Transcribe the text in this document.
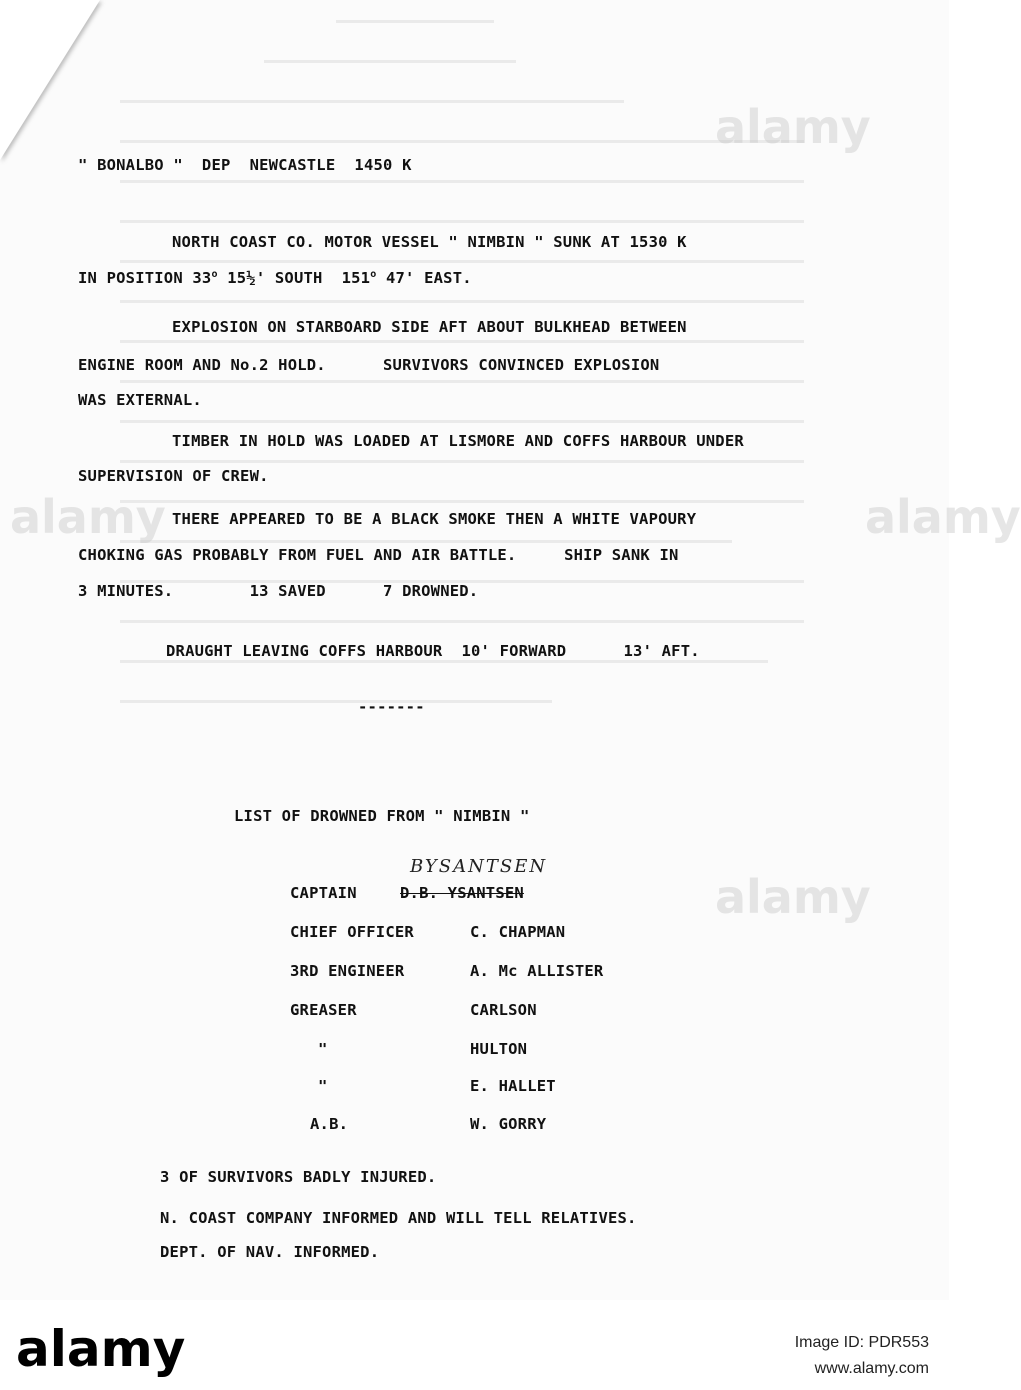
alamy
alamy	alamy
alamy
" BONALBO "  DEP  NEWCASTLE  1450 K
NORTH COAST CO. MOTOR VESSEL " NIMBIN " SUNK AT 1530 K
IN POSITION 33$^o$ 15½' SOUTH  151$^o$ 47' EAST.
EXPLOSION ON STARBOARD SIDE AFT ABOUT BULKHEAD BETWEEN
ENGINE ROOM AND No.2 HOLD.      SURVIVORS CONVINCED EXPLOSION
WAS EXTERNAL.
TIMBER IN HOLD WAS LOADED AT LISMORE AND COFFS HARBOUR UNDER
SUPERVISION OF CREW.
THERE APPEARED TO BE A BLACK SMOKE THEN A WHITE VAPOURY
CHOKING GAS PROBABLY FROM FUEL AND AIR BATTLE.     SHIP SANK IN
3 MINUTES.        13 SAVED      7 DROWNED.
DRAUGHT LEAVING COFFS HARBOUR  10' FORWARD      13' AFT.
-------
LIST OF DROWNED FROM " NIMBIN "
BYSANTSEN
CAPTAIN	D.B. YSANTSEN
CHIEF OFFICER	C. CHAPMAN
3RD ENGINEER	A. Mc ALLISTER
GREASER	CARLSON
"	HULTON
"	E. HALLET
A.B.	W. GORRY
3 OF SURVIVORS BADLY INJURED.
N. COAST COMPANY INFORMED AND WILL TELL RELATIVES.
DEPT. OF NAV. INFORMED.
alamy	Image ID: PDR553
www.alamy.com
